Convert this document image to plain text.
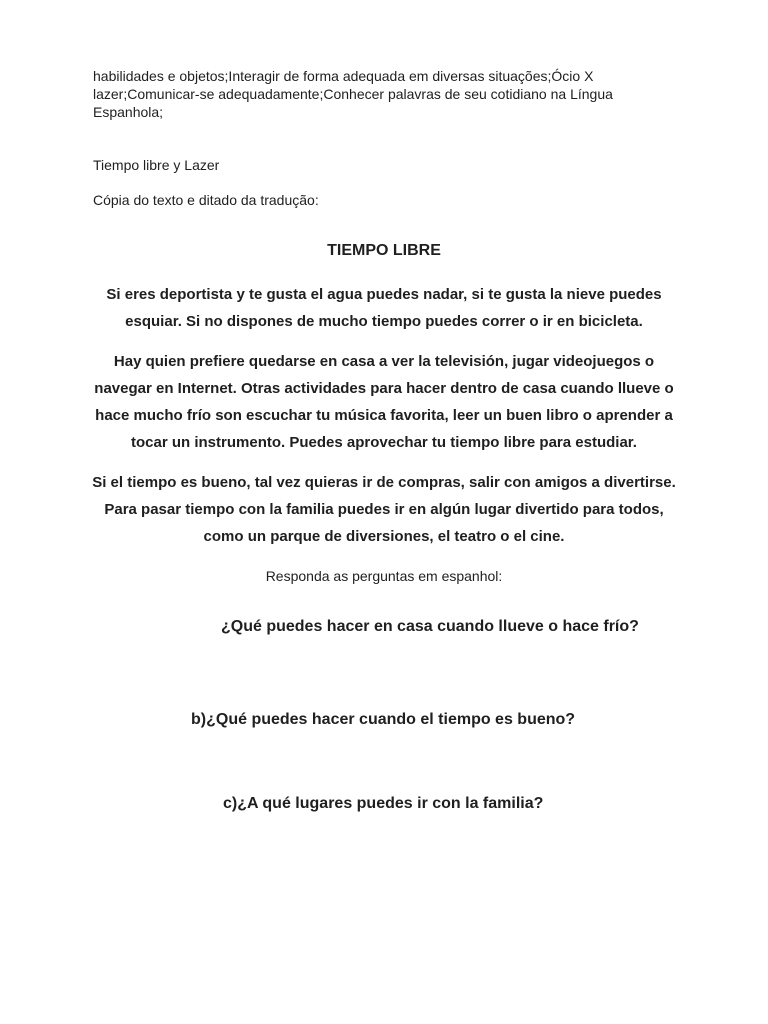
habilidades e objetos;Interagir de forma adequada em diversas situações;Ócio X
lazer;Comunicar-se adequadamente;Conhecer palavras de seu cotidiano na Língua
Espanhola;

Tiempo libre y Lazer

Cópia do texto e ditado da tradução:

TIEMPO LIBRE

Si eres deportista y te gusta el agua puedes nadar, si te gusta la nieve puedes
esquiar. Si no dispones de mucho tiempo puedes correr o ir en bicicleta.

Hay quien prefiere quedarse en casa a ver la televisión, jugar videojuegos o
navegar en Internet. Otras actividades para hacer dentro de casa cuando llueve o
hace mucho frío son escuchar tu música favorita, leer un buen libro o aprender a
tocar un instrumento. Puedes aprovechar tu tiempo libre para estudiar.

Si el tiempo es bueno, tal vez quieras ir de compras, salir con amigos a divertirse.
Para pasar tiempo con la familia puedes ir en algún lugar divertido para todos,
como un parque de diversiones, el teatro o el cine.

Responda as perguntas em espanhol:

¿Qué puedes hacer en casa cuando llueve o hace frío?

b)¿Qué puedes hacer cuando el tiempo es bueno?

c)¿A qué lugares puedes ir con la familia?
